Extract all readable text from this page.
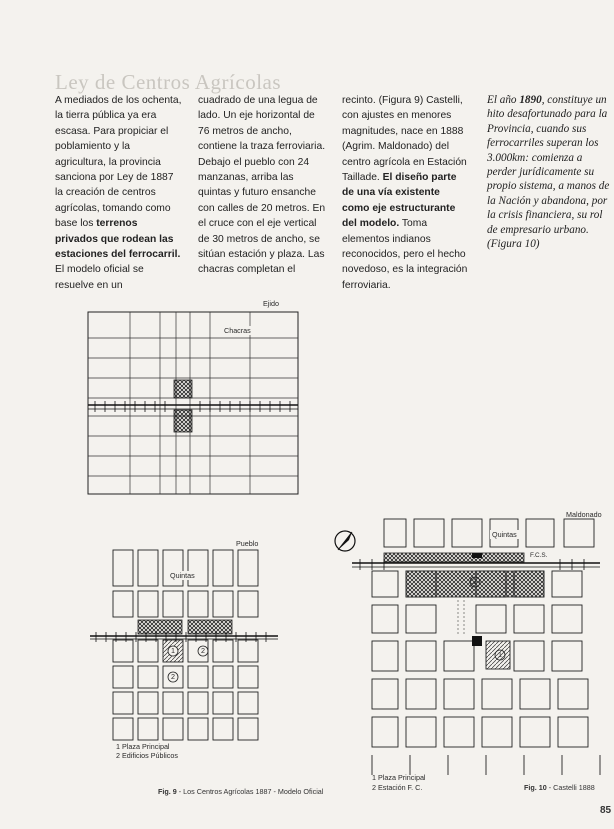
Ley de Centros Agrícolas

A mediados de los ochenta, la tierra pública ya era escasa. Para propiciar el poblamiento y la agricultura, la provincia sanciona por Ley de 1887 la creación de centros agrícolas, tomando como base los terrenos privados que rodean las estaciones del ferrocarril. El modelo oficial se resuelve en un

cuadrado de una legua de lado. Un eje horizontal de 76 metros de ancho, contiene la traza ferroviaria. Debajo el pueblo con 24 manzanas, arriba las quintas y futuro ensanche con calles de 20 metros. En el cruce con el eje vertical de 30 metros de ancho, se sitúan estación y plaza. Las chacras completan el

recinto. (Figura 9) Castelli, con ajustes en menores magnitudes, nace en 1888 (Agrim. Maldonado) del centro agrícola en Estación Taillade. El diseño parte de una vía existente como eje estructurante del modelo. Toma elementos indianos reconocidos, pero el hecho novedoso, es la integración ferroviaria.

El año 1890, constituye un hito desafortunado para la Provincia, cuando sus ferrocarriles superan los 3.000km: comienza a perder jurídicamente su propio sistema, a manos de la Nación y abandona, por la crisis financiera, su rol de empresario urbano. (Figura 10)
Ejido
Chacras
Pueblo
Quintas
1	2
2
1 Plaza Principal
2 Edificios Públicos
Fig. 9 - Los Centros Agrícolas 1887 - Modelo Oficial
Maldonado
Quintas
F.C.S.
1
2
1 Plaza Principal
2 Estación F. C.	Fig. 10 - Castelli 1888
85
